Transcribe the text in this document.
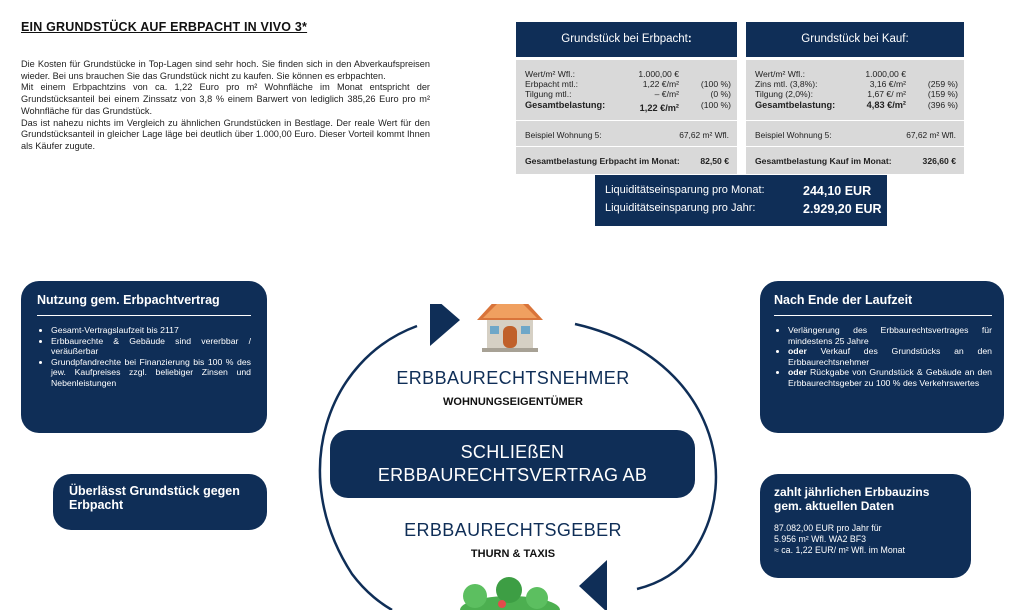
EIN GRUNDSTÜCK AUF ERBPACHT IN VIVO 3*

Die Kosten für Grundstücke in Top-Lagen sind sehr hoch. Sie finden sich in den Abverkaufspreisen wieder. Bei uns brauchen Sie das Grundstück nicht zu kaufen. Sie können es erbpachten.

Mit einem Erbpachtzins von ca. 1,22 Euro pro m² Wohnfläche im Monat entspricht der Grundstücksanteil bei einem Zinssatz von 3,8 % einem Barwert von lediglich 385,26 Euro pro m² Wohnfläche für das Grundstück.

Das ist nahezu nichts im Vergleich zu ähnlichen Grundstücken in Bestlage. Der reale Wert für den Grundstücksanteil in gleicher Lage läge bei deutlich über 1.000,00 Euro. Dieser Vorteil kommt Ihnen als Käufer zugute.

Grundstück bei Erbpacht:
Wert/m² Wfl.:	1.000,00 €
Erbpacht mtl.:	1,22 €/m²	(100 %)
Tilgung mtl.:	– €/m²	(0 %)
Gesamtbelastung:	1,22 €/m²	(100 %)
Beispiel Wohnung 5:	67,62 m² Wfl.
Gesamtbelastung Erbpacht im Monat: 82,50 €
Grundstück bei Kauf:
Wert/m² Wfl.:	1.000,00 €
Zins mtl. (3,8%):	3,16 €/m²	(259 %)
Tilgung (2,0%):	1,67 €/ m²	(159 %)
Gesamtbelastung:	4,83 €/m²	(396 %)
Beispiel Wohnung 5:	67,62 m² Wfl.
Gesamtbelastung Kauf im Monat:	326,60 €
Liquiditätseinsparung pro Monat:	244,10 EUR
Liquiditätseinsparung pro Jahr:	2.929,20 EUR
Nutzung gem. Erbpachtvertrag
• Gesamt-Vertragslaufzeit bis 2117
• Erbbaurechte & Gebäude sind vererbbar / veräußerbar
• Grundpfandrechte bei Finanzierung bis 100 % des jew. Kaufpreises zzgl. beliebiger Zinsen und Nebenleistungen
Überlässt Grundstück gegen Erbpacht
Nach Ende der Laufzeit
• Verlängerung des Erbbaurechtsvertrages für mindestens 25 Jahre
• oder Verkauf des Grundstücks an den Erbbaurechtsnehmer
• oder Rückgabe von Grundstück & Gebäude an den Erbbaurechtsgeber zu 100 % des Verkehrswertes
zahlt jährlichen Erbbauzins gem. aktuellen Daten
87.082,00 EUR pro Jahr für
5.956 m² Wfl. WA2 BF3
≈ ca. 1,22 EUR/ m² Wfl. im Monat
ERBBAURECHTSNEHMER
WOHNUNGSEIGENTÜMER
SCHLIEßEN
ERBBAURECHTSVERTRAG AB
ERBBAURECHTSGEBER
THURN & TAXIS
